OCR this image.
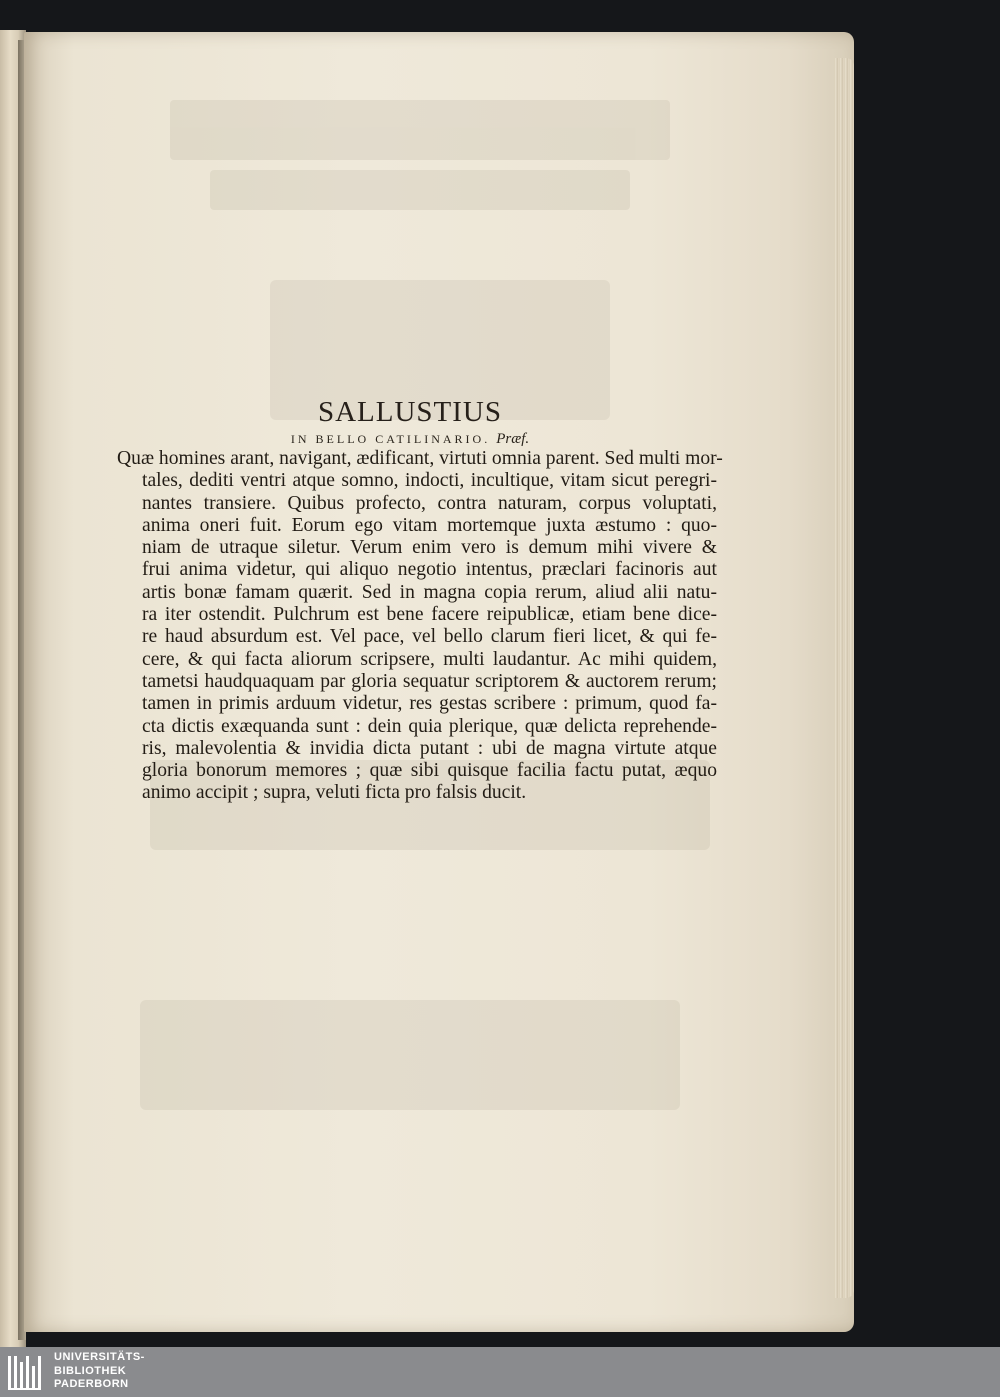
SALLUSTIUS
IN BELLO CATILINARIO. Præf.
Quæ homines arant, navigant, ædificant, virtuti omnia parent. Sed multi mor-
tales, dediti ventri atque somno, indocti, incultique, vitam sicut peregri-
nantes transiere. Quibus profecto, contra naturam, corpus voluptati,
anima oneri fuit. Eorum ego vitam mortemque juxta æstumo : quo-
niam de utraque siletur. Verum enim vero is demum mihi vivere &
frui anima videtur, qui aliquo negotio intentus, præclari facinoris aut
artis bonæ famam quærit. Sed in magna copia rerum, aliud alii natu-
ra iter ostendit. Pulchrum est bene facere reipublicæ, etiam bene dice-
re haud absurdum est. Vel pace, vel bello clarum fieri licet, & qui fe-
cere, & qui facta aliorum scripsere, multi laudantur. Ac mihi quidem,
tametsi haudquaquam par gloria sequatur scriptorem & auctorem rerum;
tamen in primis arduum videtur, res gestas scribere : primum, quod fa-
cta dictis exæquanda sunt : dein quia plerique, quæ delicta reprehende-
ris, malevolentia & invidia dicta putant : ubi de magna virtute atque
gloria bonorum memores ; quæ sibi quisque facilia factu putat, æquo
animo accipit ; supra, veluti ficta pro falsis ducit.
UNIVERSITÄTS-
BIBLIOTHEK
PADERBORN
